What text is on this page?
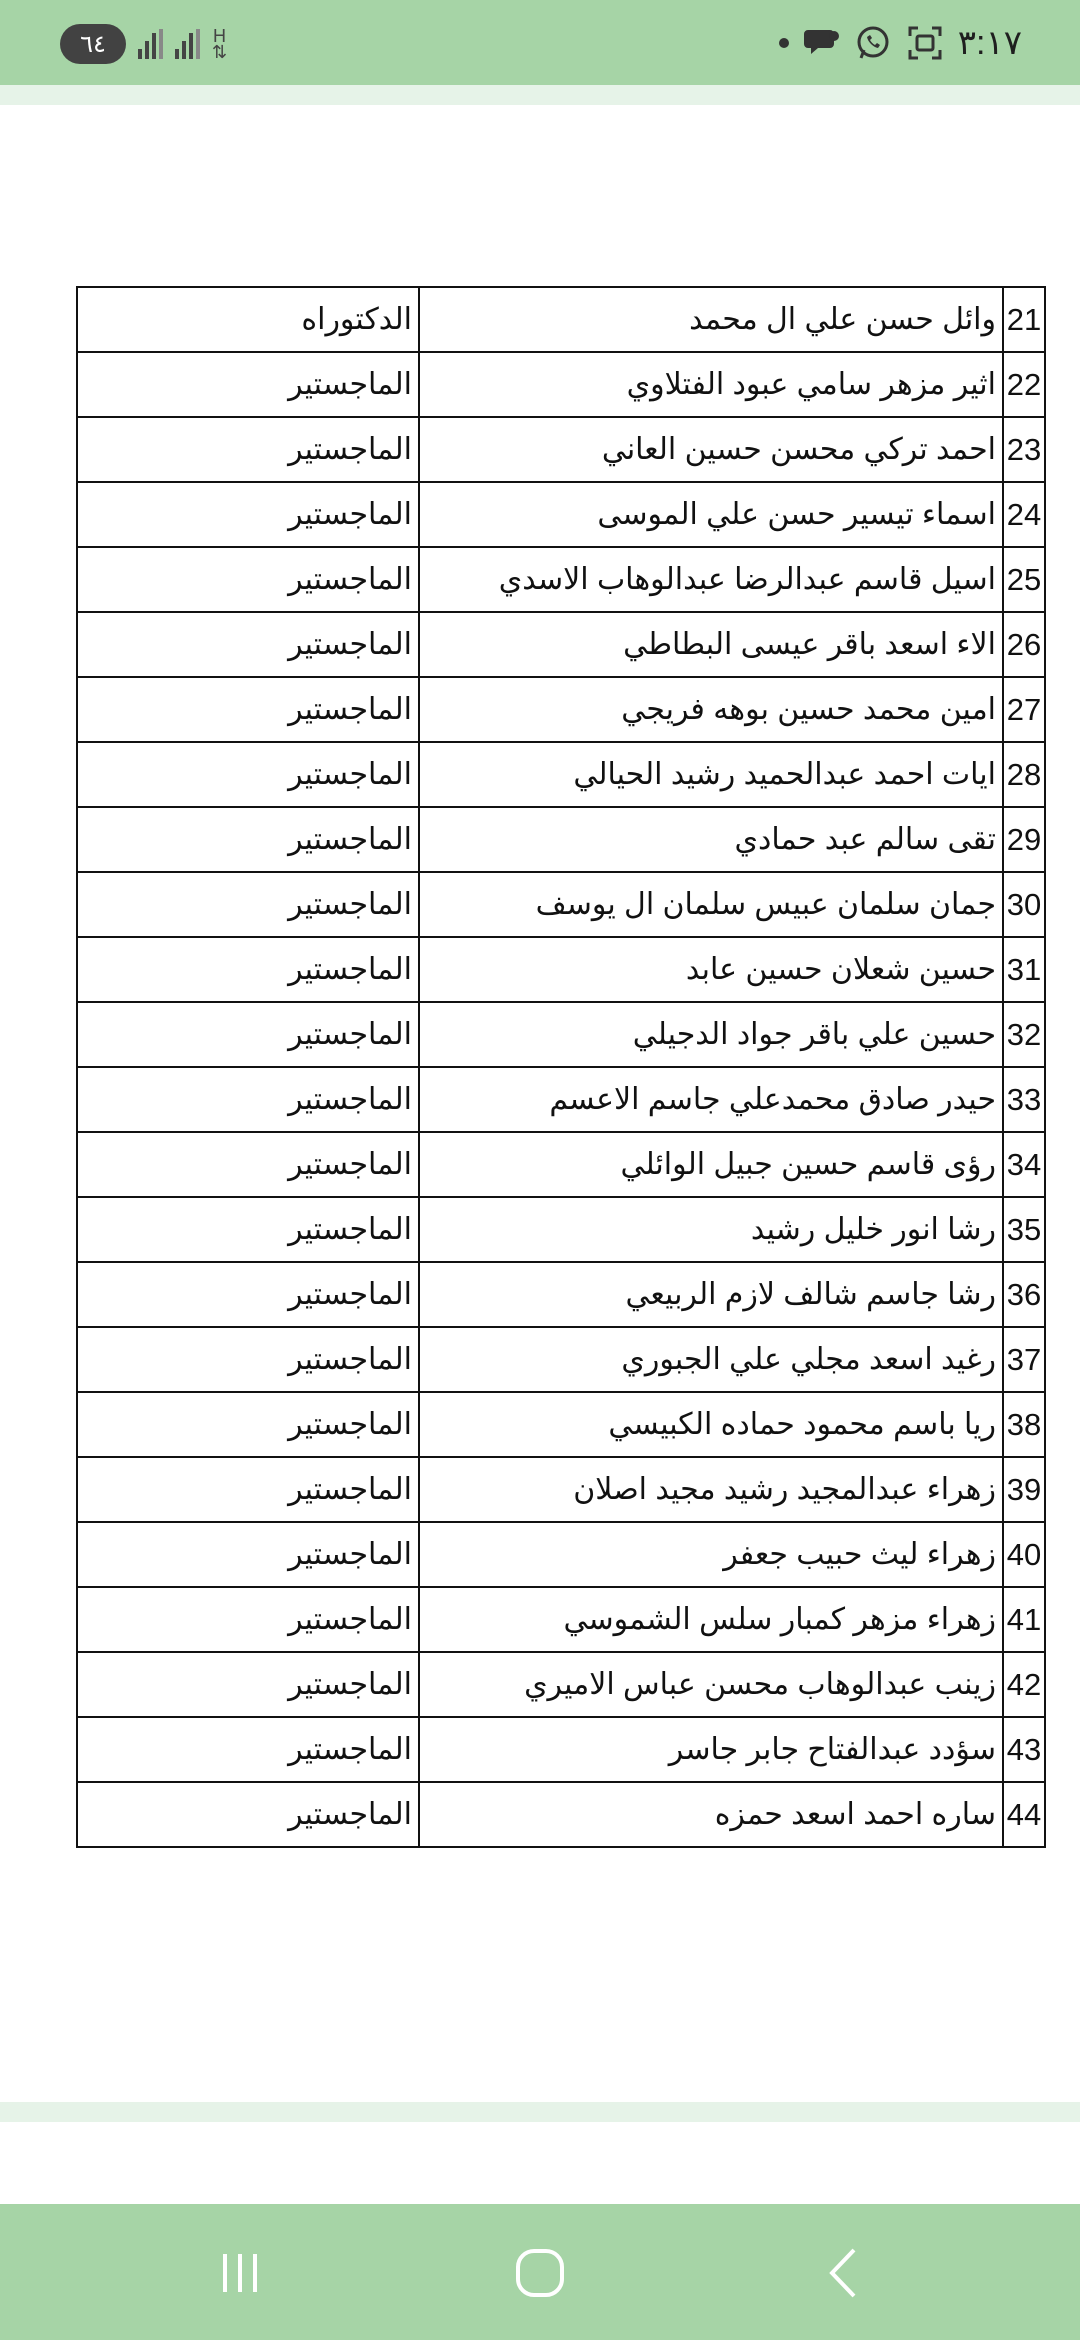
٦٤	H
⇅	٣:١٧
21	وائل حسن علي ال محمد	الدكتوراه
22	اثير مزهر سامي عبود الفتلاوي	الماجستير
23	احمد تركي محسن حسين العاني	الماجستير
24	اسماء تيسير حسن علي الموسى	الماجستير
25	اسيل قاسم عبدالرضا عبدالوهاب الاسدي	الماجستير
26	الاء اسعد باقر عيسى البطاطي	الماجستير
27	امين محمد حسين بوهه فريجي	الماجستير
28	ايات احمد عبدالحميد رشيد الحيالي	الماجستير
29	تقى سالم عبد حمادي	الماجستير
30	جمان سلمان عبيس سلمان ال يوسف	الماجستير
31	حسين شعلان حسين عابد	الماجستير
32	حسين علي باقر جواد الدجيلي	الماجستير
33	حيدر صادق محمدعلي جاسم الاعسم	الماجستير
34	رؤى قاسم حسين جبيل الوائلي	الماجستير
35	رشا انور خليل رشيد	الماجستير
36	رشا جاسم شالف لازم الربيعي	الماجستير
37	رغيد اسعد مجلي علي الجبوري	الماجستير
38	ريا باسم محمود حماده الكبيسي	الماجستير
39	زهراء عبدالمجيد رشيد مجيد اصلان	الماجستير
40	زهراء ليث حبيب جعفر	الماجستير
41	زهراء مزهر كمبار سلس الشموسي	الماجستير
42	زينب عبدالوهاب محسن عباس الاميري	الماجستير
43	سؤدد عبدالفتاح جابر جاسر	الماجستير
44	ساره احمد اسعد حمزه	الماجستير
